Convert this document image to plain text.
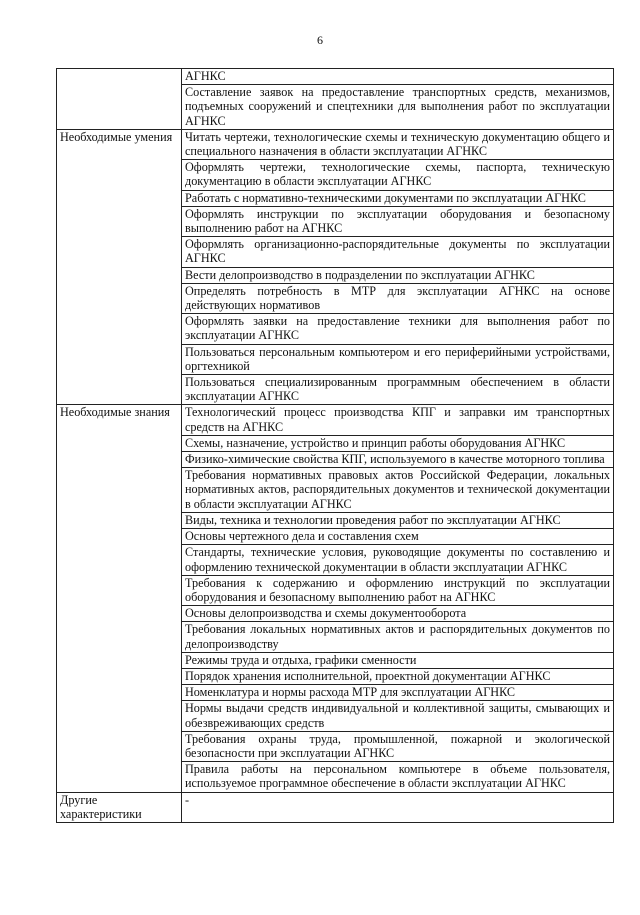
6
	АГНКС
	Составление заявок на предоставление транспортных средств, механизмов, подъемных сооружений и спецтехники для выполнения работ по эксплуатации АГНКС
Необходимые умения	Читать чертежи, технологические схемы и техническую документацию общего и специального назначения в области эксплуатации АГНКС
	Оформлять чертежи, технологические схемы, паспорта, техническую документацию в области эксплуатации АГНКС
	Работать с нормативно-техническими документами по эксплуатации АГНКС
	Оформлять инструкции по эксплуатации оборудования и безопасному выполнению работ на АГНКС
	Оформлять организационно-распорядительные документы по эксплуатации АГНКС
	Вести делопроизводство в подразделении по эксплуатации АГНКС
	Определять потребность в МТР для эксплуатации АГНКС на основе действующих нормативов
	Оформлять заявки на предоставление техники для выполнения работ по эксплуатации АГНКС
	Пользоваться персональным компьютером и его периферийными устройствами, оргтехникой
	Пользоваться специализированным программным обеспечением в области эксплуатации АГНКС
Необходимые знания	Технологический процесс производства КПГ и заправки им транспортных средств на АГНКС
	Схемы, назначение, устройство и принцип работы оборудования АГНКС
	Физико-химические свойства КПГ, используемого в качестве моторного топлива
	Требования нормативных правовых актов Российской Федерации, локальных нормативных актов, распорядительных документов и технической документации в области эксплуатации АГНКС
	Виды, техника и технологии проведения работ по эксплуатации АГНКС
	Основы чертежного дела и составления схем
	Стандарты, технические условия, руководящие документы по составлению и оформлению технической документации в области эксплуатации АГНКС
	Требования к содержанию и оформлению инструкций по эксплуатации оборудования и безопасному выполнению работ на АГНКС
	Основы делопроизводства и схемы документооборота
	Требования локальных нормативных актов и распорядительных документов по делопроизводству
	Режимы труда и отдыха, графики сменности
	Порядок хранения исполнительной, проектной документации АГНКС
	Номенклатура и нормы расхода МТР для эксплуатации АГНКС
	Нормы выдачи средств индивидуальной и коллективной защиты, смывающих и обезвреживающих средств
	Требования охраны труда, промышленной, пожарной и экологической безопасности при эксплуатации АГНКС
	Правила работы на персональном компьютере в объеме пользователя, используемое программное обеспечение в области эксплуатации АГНКС
Другие характеристики	-
